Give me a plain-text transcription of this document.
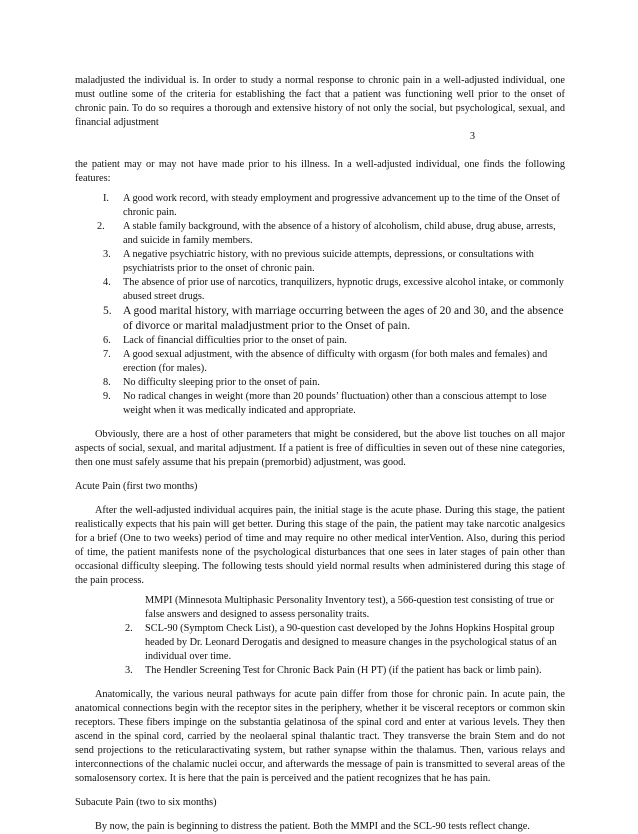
maladjusted the individual is. In order to study a normal response to chronic pain in a well-adjusted individual, one must outline some of the criteria for establishing the fact that a patient was functioning well prior to the onset of chronic pain. To do so requires a thorough and extensive history of not only the social, but psychological, sexual, and financial adjustment

3

the patient may or may not have made prior to his illness. In a well-adjusted individual, one finds the following features:

I. A good work record, with steady employment and progressive advancement up to the time of the Onset of chronic pain.
2. A stable family background, with the absence of a history of alcoholism, child abuse, drug abuse, arrests, and suicide in family members.
3. A negative psychiatric history, with no previous suicide attempts, depressions, or consultations with psychiatrists prior to the onset of chronic pain.
4. The absence of prior use of narcotics, tranquilizers, hypnotic drugs, excessive alcohol intake, or commonly abused street drugs.
5. A good marital history, with marriage occurring between the ages of 20 and 30, and the absence of divorce or marital maladjustment prior to the Onset of pain.
6. Lack of financial difficulties prior to the onset of pain.
7. A good sexual adjustment, with the absence of difficulty with orgasm (for both males and females) and erection (for males).
8. No difficulty sleeping prior to the onset of pain.
9. No radical changes in weight (more than 20 pounds’ fluctuation) other than a conscious attempt to lose weight when it was medically indicated and appropriate.

Obviously, there are a host of other parameters that might be considered, but the above list touches on all major aspects of social, sexual, and marital adjustment. If a patient is free of difficulties in seven out of these nine categories, then one must safely assume that his prepain (premorbid) adjustment, was good.

Acute Pain (first two months)

After the well-adjusted individual acquires pain, the initial stage is the acute phase. During this stage, the patient realistically expects that his pain will get better. During this stage of the pain, the patient may take narcotic analgesics for a brief (One to two weeks) period of time and may require no other medical interVention. Also, during this period of time, the patient manifests none of the psychological disturbances that one sees in later stages of pain other than occasional difficulty sleeping. The following tests should yield normal results when administered during this stage of the pain process.

MMPI (Minnesota Multiphasic Personality Inventory test), a 566-question test consisting of true or false answers and designed to assess personality traits.
2. SCL-90 (Symptom Check List), a 90-question cast developed by the Johns Hopkins Hospital group headed by Dr. Leonard Derogatis and designed to measure changes in the psychological status of an individual over time.
3. The Hendler Screening Test for Chronic Back Pain (H PT) (if the patient has back or limb pain).

Anatomically, the various neural pathways for acute pain differ from those for chronic pain. In acute pain, the anatomical connections begin with the receptor sites in the periphery, whether it be visceral receptors or common skin receptors. These fibers impinge on the substantia gelatinosa of the spinal cord and enter at various levels. They then ascend in the spinal cord, carried by the neolaeral spinal thalantic tract. They transverse the brain Stem and do not send projections to the reticularactivating system, but rather synapse within the thalamus. Then, various relays and interconnections of the chalamic nuclei occur, and afterwards the message of pain is transmitted to several areas of the somalosensory cortex. It is here that the pain is perceived and the patient recognizes that he has pain.

Subacute Pain (two to six months)

By now, the pain is beginning to distress the patient. Both the MMPI and the SCL-90 tests reflect change.
